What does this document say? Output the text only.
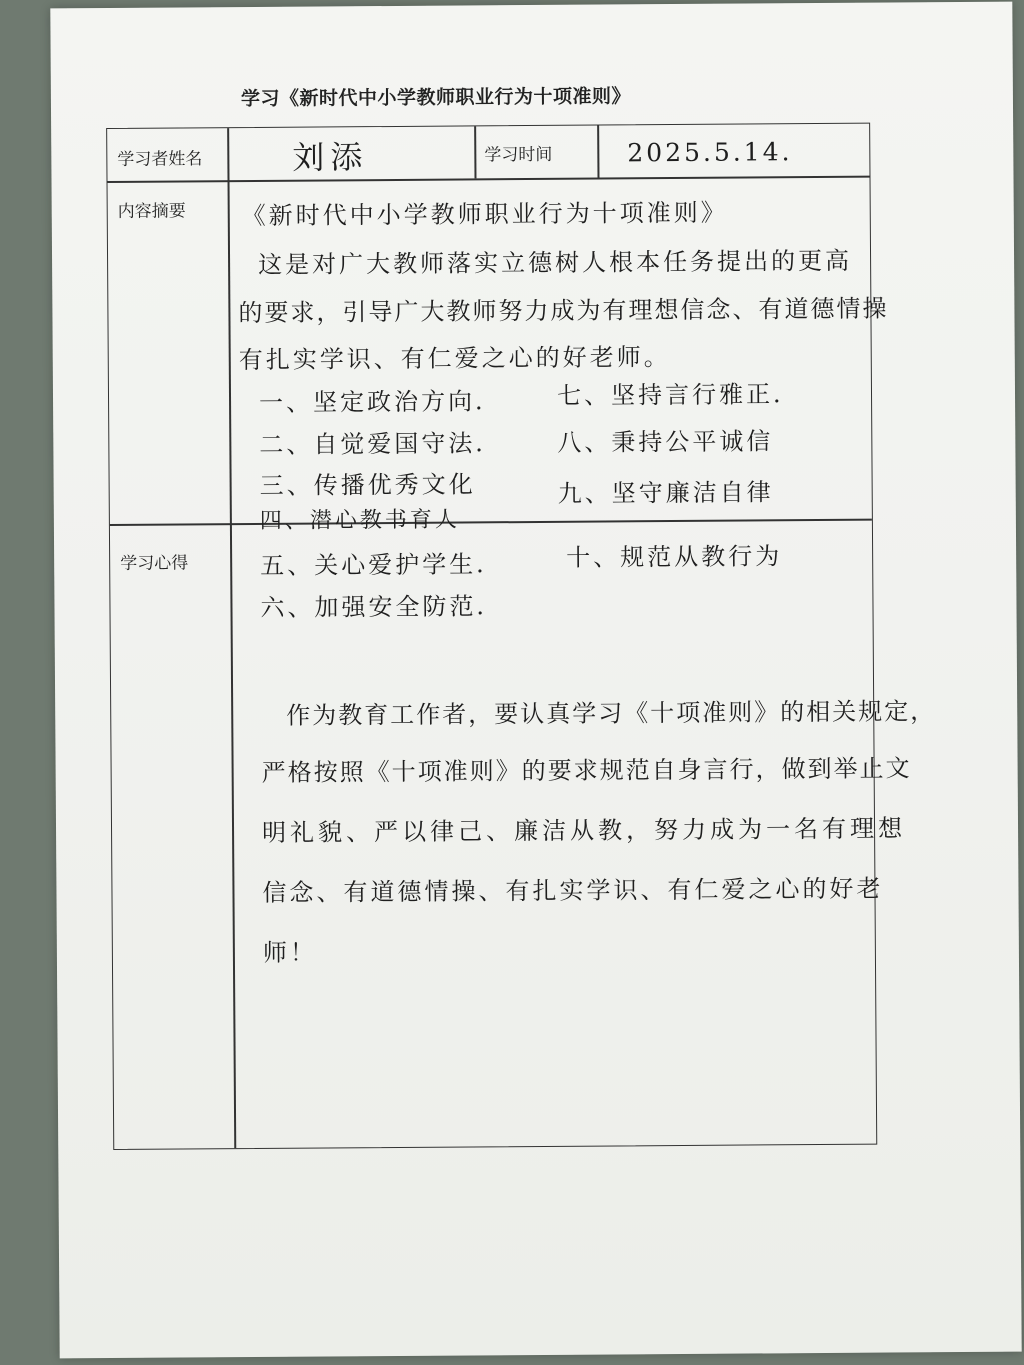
学习《新时代中小学教师职业行为十项准则》
学习者姓名	刘添	学习时间	2025.5.14.
内容摘要 《新时代中小学教师职业行为十项准则》
这是对广大教师落实立德树人根本任务提出的更高
的要求，引导广大教师努力成为有理想信念、有道德情操
有扎实学识、有仁爱之心的好老师。
一、坚定政治方向．
二、自觉爱国守法．
三、传播优秀文化
四、潜心教书育人
七、坚持言行雅正．
八、秉持公平诚信
九、坚守廉洁自律
学习心得	五、关心爱护学生．
六、加强安全防范．
十、规范从教行为
作为教育工作者，要认真学习《十项准则》的相关规定，
严格按照《十项准则》的要求规范自身言行，做到举止文
明礼貌、严以律己、廉洁从教，努力成为一名有理想
信念、有道德情操、有扎实学识、有仁爱之心的好老
师！
